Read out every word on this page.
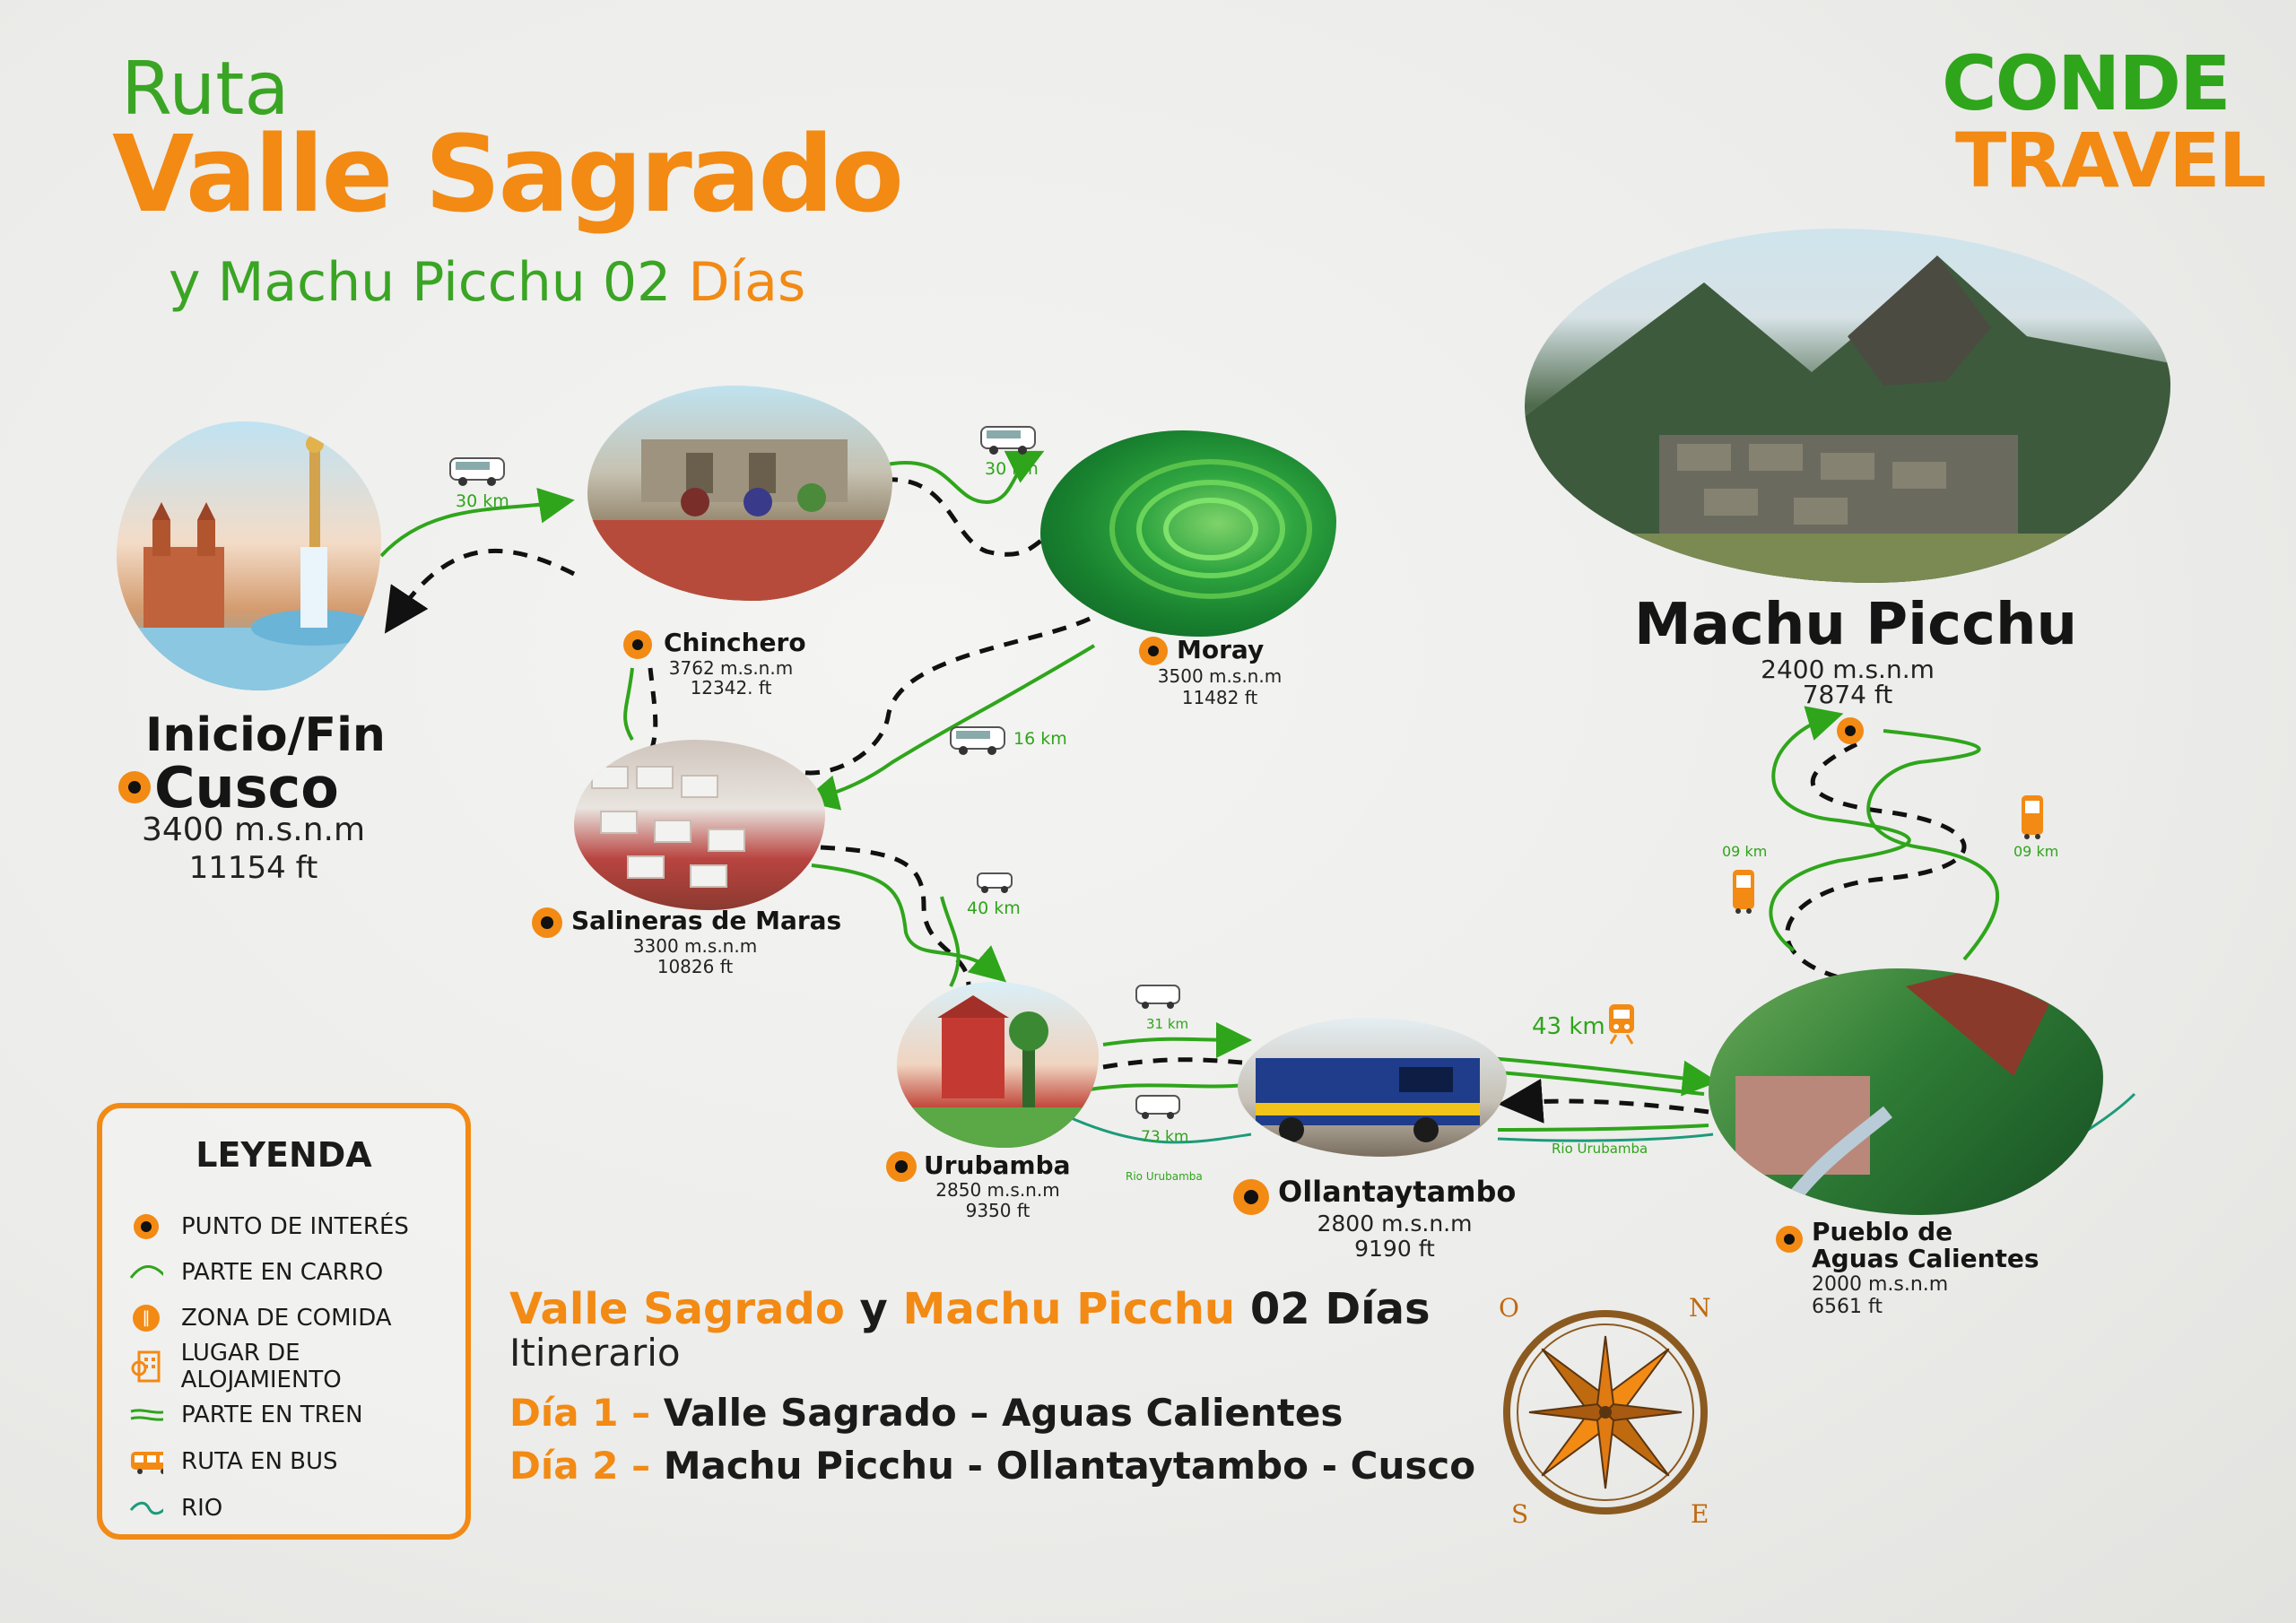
Ruta
Valle Sagrado
y Machu Picchu 02 Días
CONDE
TRAVEL
30 km
30 km
16 km
40 km
31 km
73 km
43 km
09 km	09 km
Rio Urubamba
Rio Urubamba
Inicio/Fin
Cusco
3400 m.s.n.m
11154 ft
Chinchero
3762 m.s.n.m
12342. ft
Moray
3500 m.s.n.m
11482 ft
Salineras de Maras
3300 m.s.n.m
10826 ft
Urubamba
2850 m.s.n.m
9350 ft
Ollantaytambo
2800 m.s.n.m
9190 ft
Pueblo de
Aguas Calientes
2000 m.s.n.m
6561 ft
Machu Picchu
2400 m.s.n.m
7874 ft
LEYENDA
PUNTO DE INTERÉS
PARTE EN CARRO
‖	ZONA DE COMIDA
LUGAR DE ALOJAMIENTO
PARTE EN TREN
RUTA EN BUS
RIO
Valle Sagrado y Machu Picchu 02 Días
Itinerario
Día 1 – Valle Sagrado – Aguas Calientes
Día 2 – Machu Picchu - Ollantaytambo - Cusco
O	N
S	E
